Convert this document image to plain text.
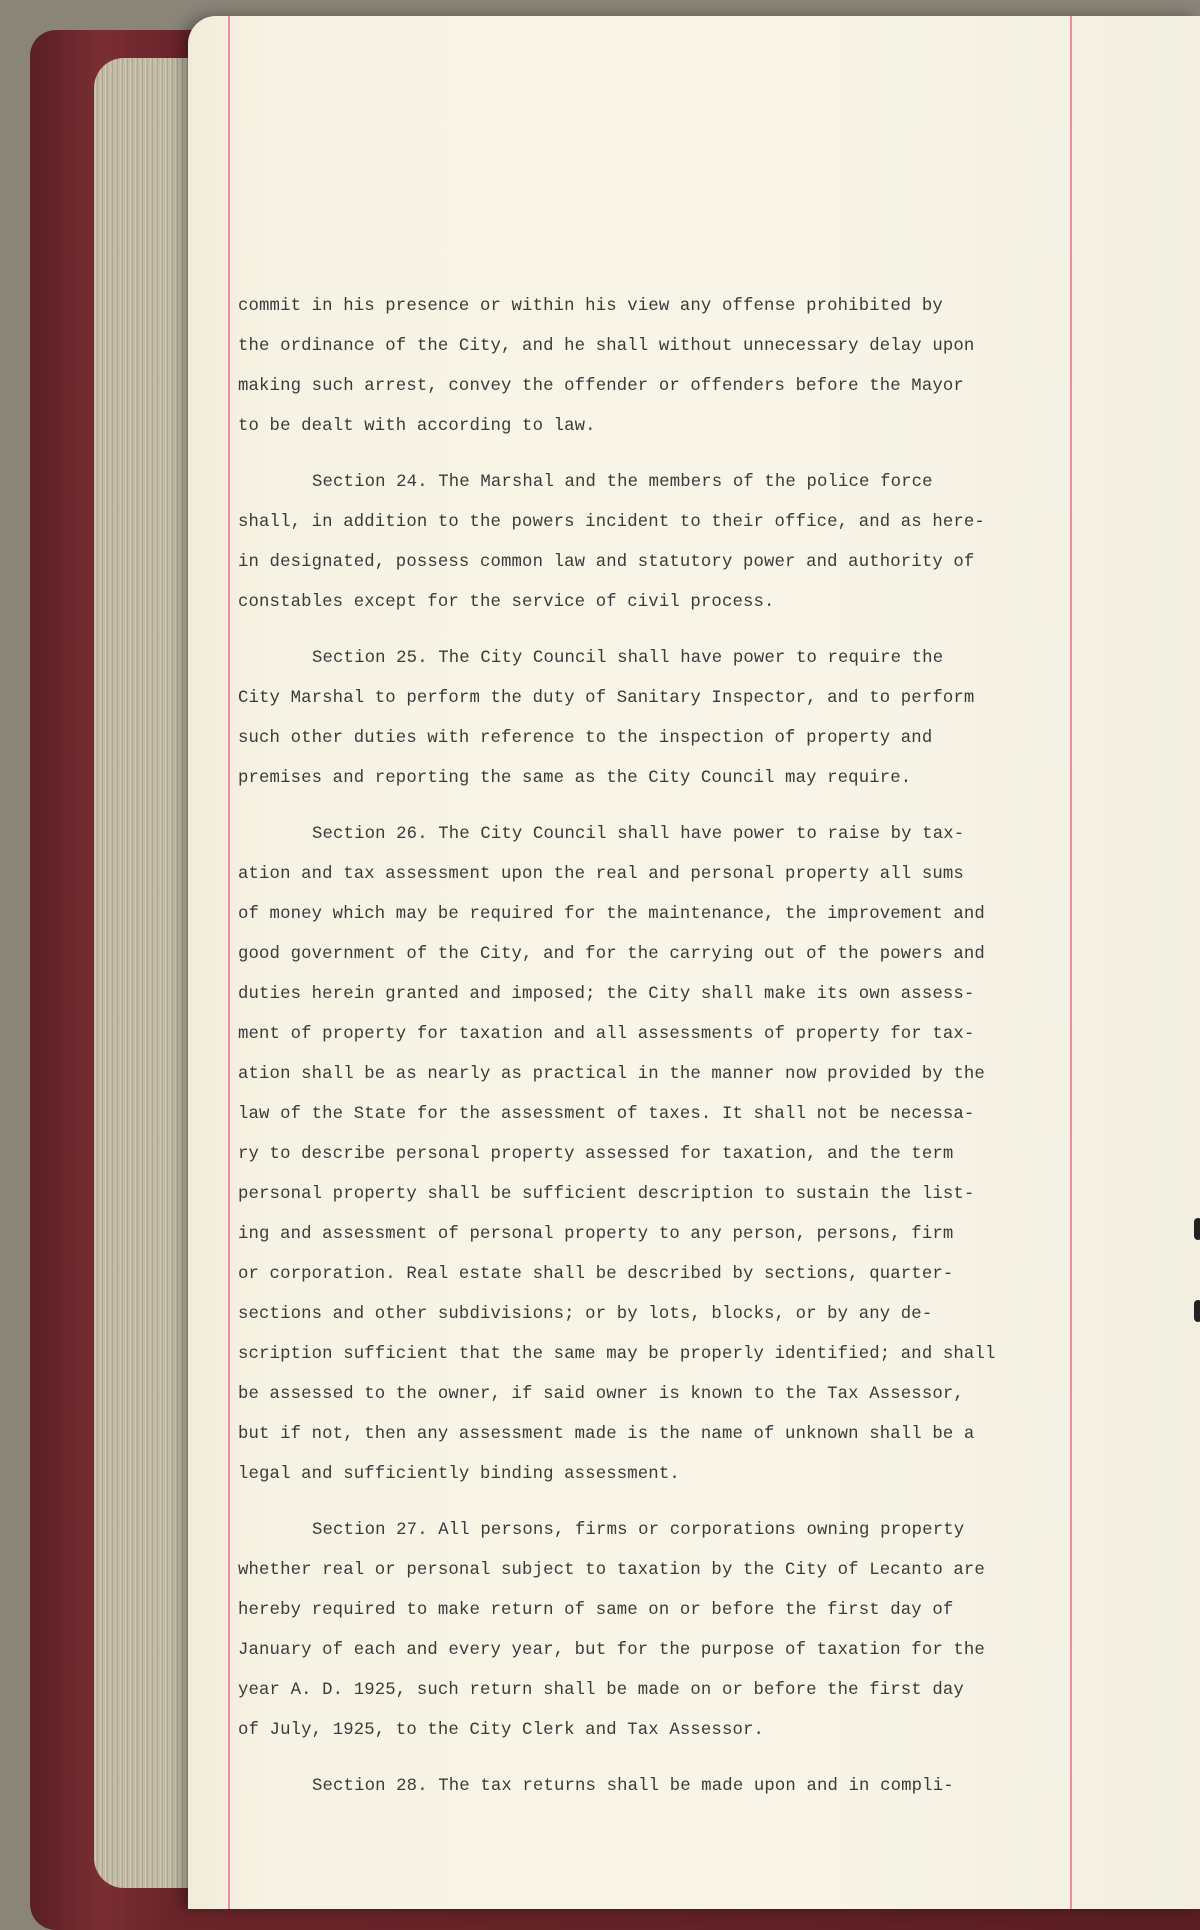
commit in his presence or within his view any offense prohibited by
the ordinance of the City, and he shall without unnecessary delay upon
making such arrest, convey the offender or offenders before the Mayor
to be dealt with according to law.

Section 24. The Marshal and the members of the police force
shall, in addition to the powers incident to their office, and as here-
in designated, possess common law and statutory power and authority of
constables except for the service of civil process.

Section 25. The City Council shall have power to require the
City Marshal to perform the duty of Sanitary Inspector, and to perform
such other duties with reference to the inspection of property and
premises and reporting the same as the City Council may require.

Section 26. The City Council shall have power to raise by tax-
ation and tax assessment upon the real and personal property all sums
of money which may be required for the maintenance, the improvement and
good government of the City, and for the carrying out of the powers and
duties herein granted and imposed; the City shall make its own assess-
ment of property for taxation and all assessments of property for tax-
ation shall be as nearly as practical in the manner now provided by the
law of the State for the assessment of taxes. It shall not be necessa-
ry to describe personal property assessed for taxation, and the term
personal property shall be sufficient description to sustain the list-
ing and assessment of personal property to any person, persons, firm
or corporation. Real estate shall be described by sections, quarter-
sections and other subdivisions; or by lots, blocks, or by any de-
scription sufficient that the same may be properly identified; and shall
be assessed to the owner, if said owner is known to the Tax Assessor,
but if not, then any assessment made is the name of unknown shall be a
legal and sufficiently binding assessment.

Section 27. All persons, firms or corporations owning property
whether real or personal subject to taxation by the City of Lecanto are
hereby required to make return of same on or before the first day of
January of each and every year, but for the purpose of taxation for the
year A. D. 1925, such return shall be made on or before the first day
of July, 1925, to the City Clerk and Tax Assessor.

Section 28. The tax returns shall be made upon and in compli-
